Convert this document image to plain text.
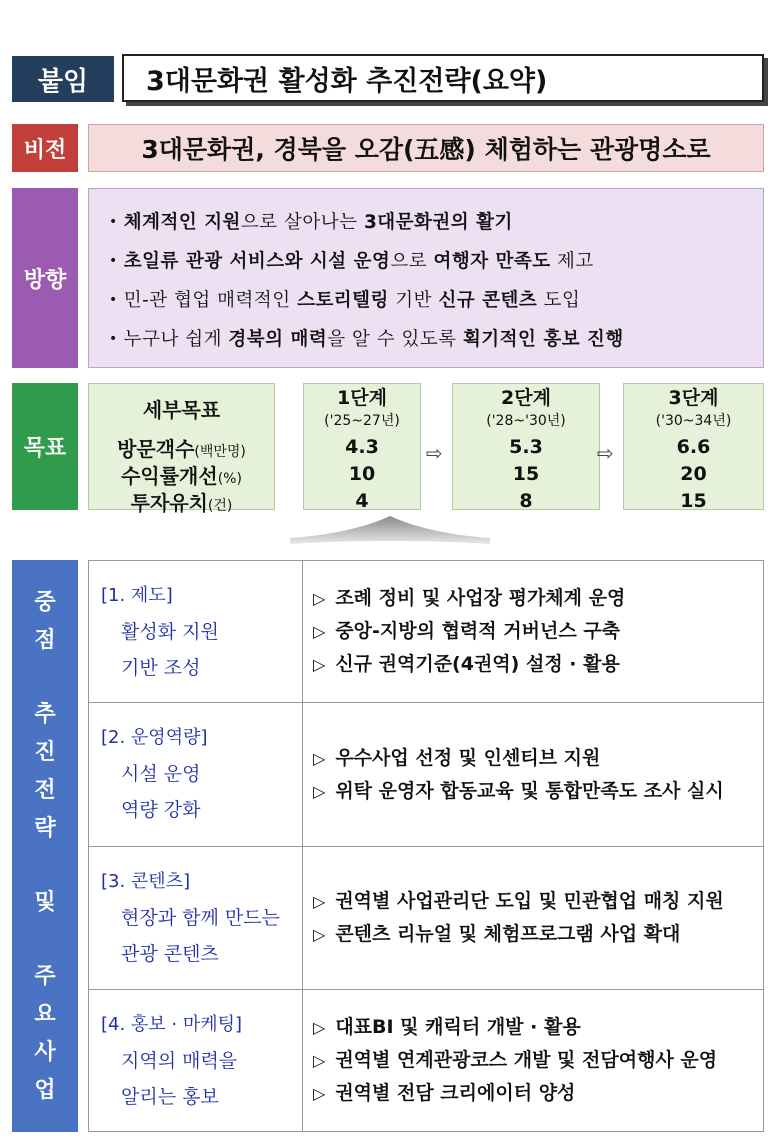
붙임	3대문화권 활성화 추진전략(요약)
비전	3대문화권, 경북을 오감(五感) 체험하는 관광명소로
방향
• 체계적인 지원으로 살아나는 3대문화권의 활기
• 초일류 관광 서비스와 시설 운영으로 여행자 만족도 제고
• 민-관 협업 매력적인 스토리텔링 기반 신규 콘텐츠 도입
• 누구나 쉽게 경북의 매력을 알 수 있도록 획기적인 홍보 진행
목표
세부목표
방문객수(백만명)
수익률개선(%)
투자유치(건)
1단계
('25~27년)
4.3
10
4
⇨
2단계
('28~'30년)
5.3
15
8
⇨
3단계
('30~34년)
6.6
20
15
중
점
추
진
전
략
및
주
요
사
업
[1. 제도]
활성화 지원
기반 조성
▷ 조례 정비 및 사업장 평가체계 운영
▷ 중앙-지방의 협력적 거버넌스 구축
▷ 신규 권역기준(4권역) 설정 · 활용
[2. 운영역량]
시설 운영
역량 강화
▷ 우수사업 선정 및 인센티브 지원
▷ 위탁 운영자 합동교육 및 통합만족도 조사 실시
[3. 콘텐츠]
현장과 함께 만드는
관광 콘텐츠
▷ 권역별 사업관리단 도입 및 민관협업 매칭 지원
▷ 콘텐츠 리뉴얼 및 체험프로그램 사업 확대
[4. 홍보 · 마케팅]
지역의 매력을
알리는 홍보
▷ 대표BI 및 캐릭터 개발 · 활용
▷ 권역별 연계관광코스 개발 및 전담여행사 운영
▷ 권역별 전담 크리에이터 양성
